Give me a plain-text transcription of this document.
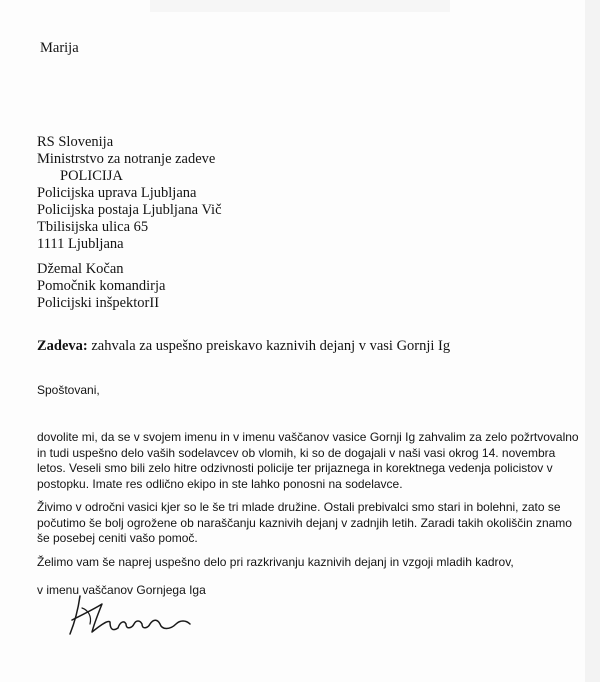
Marija

RS Slovenija
Ministrstvo za notranje zadeve
POLICIJA
Policijska uprava Ljubljana
Policijska postaja Ljubljana Vič
Tbilisijska ulica 65
1111 Ljubljana
Džemal Kočan
Pomočnik komandirja
Policijski inšpektorII

Zadeva: zahvala za uspešno preiskavo kaznivih dejanj v vasi Gornji Ig

Spoštovani,

dovolite mi, da se v svojem imenu in v imenu vaščanov vasice Gornji Ig zahvalim za zelo požrtvovalno
in tudi uspešno delo vaših sodelavcev ob vlomih, ki so de dogajali v naši vasi okrog 14. novembra
letos. Veseli smo bili zelo hitre odzivnosti policije ter prijaznega in korektnega vedenja policistov v
postopku. Imate res odlično ekipo in ste lahko ponosni na sodelavce.
Živimo v odročni vasici kjer so le še tri mlade družine. Ostali prebivalci smo stari in bolehni, zato se
počutimo še bolj ogrožene ob naraščanju kaznivih dejanj v zadnjih letih. Zaradi takih okoliščin znamo
še posebej ceniti vašo pomoč.

Želimo vam še naprej uspešno delo pri razkrivanju kaznivih dejanj in vzgoji mladih kadrov,

v imenu vaščanov Gornjega Iga
